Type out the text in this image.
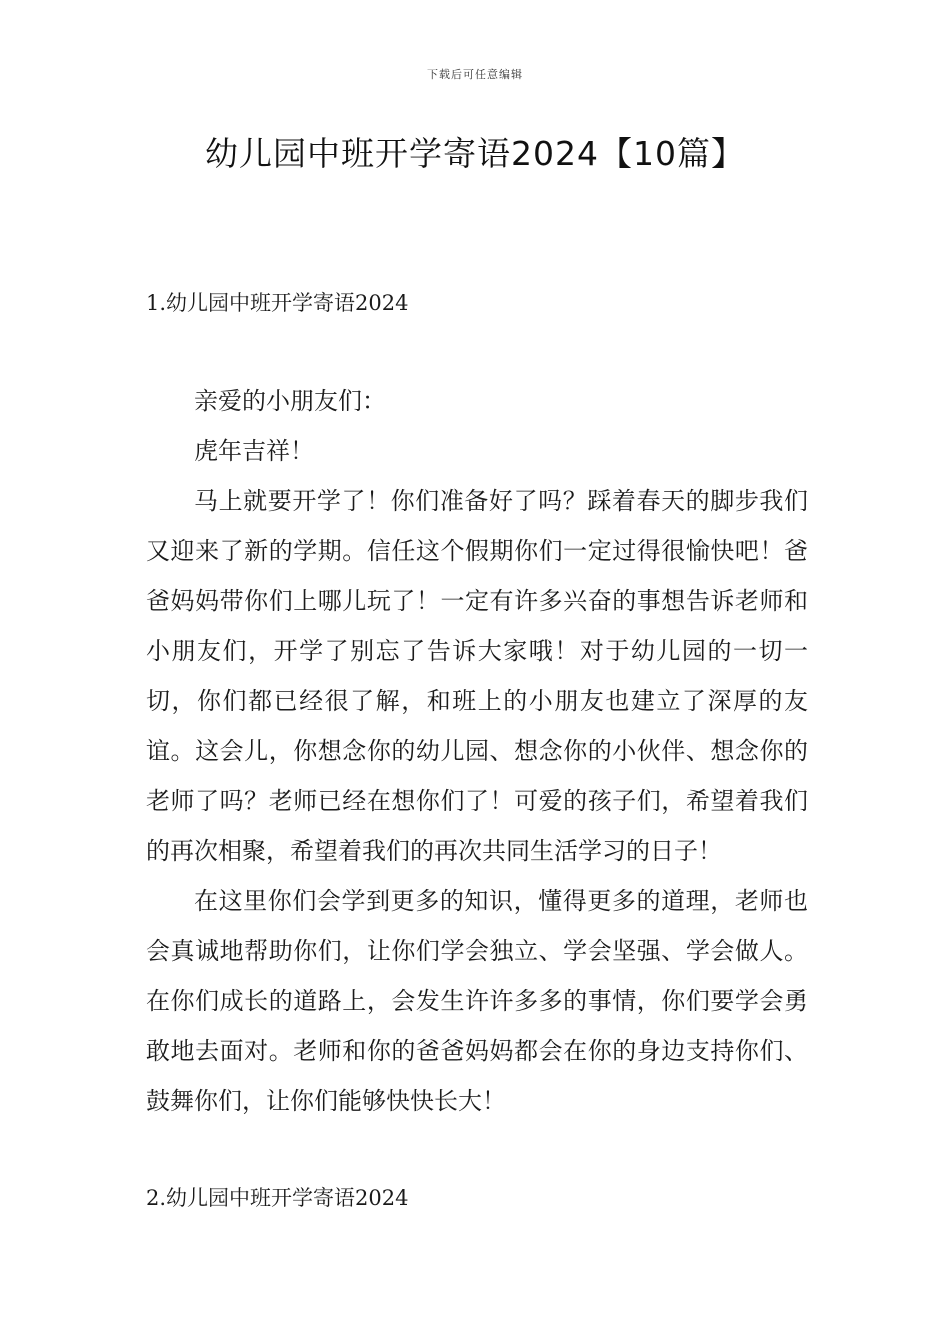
下载后可任意编辑
幼儿园中班开学寄语2024【10篇】
1.幼儿园中班开学寄语2024

亲爱的小朋友们：

虎年吉祥！

马上就要开学了！你们准备好了吗？踩着春天的脚步我们又迎来了新的学期。信任这个假期你们一定过得很愉快吧！爸爸妈妈带你们上哪儿玩了！一定有许多兴奋的事想告诉老师和小朋友们，开学了别忘了告诉大家哦！对于幼儿园的一切一切，你们都已经很了解，和班上的小朋友也建立了深厚的友谊。这会儿，你想念你的幼儿园、想念你的小伙伴、想念你的老师了吗？老师已经在想你们了！可爱的孩子们，希望着我们的再次相聚，希望着我们的再次共同生活学习的日子！

在这里你们会学到更多的知识，懂得更多的道理，老师也会真诚地帮助你们，让你们学会独立、学会坚强、学会做人。在你们成长的道路上，会发生许许多多的事情，你们要学会勇敢地去面对。老师和你的爸爸妈妈都会在你的身边支持你们、鼓舞你们，让你们能够快快长大！

2.幼儿园中班开学寄语2024
